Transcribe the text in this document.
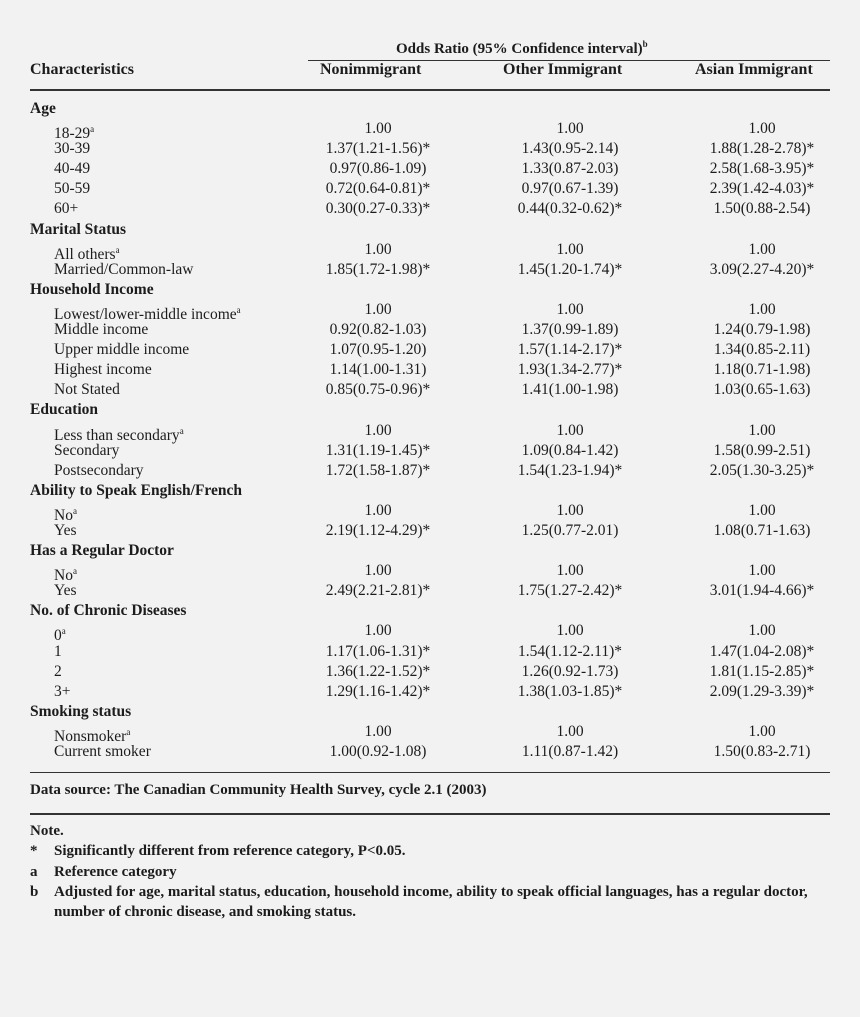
Odds Ratio (95% Confidence interval)$^b$
Characteristics	Nonimmigrant	Other Immigrant	Asian Immigrant
Age
18-29$^a$	1.00	1.00	1.00
30-39	1.37(1.21-1.56)*	1.43(0.95-2.14)	1.88(1.28-2.78)*
40-49	0.97(0.86-1.09)	1.33(0.87-2.03)	2.58(1.68-3.95)*
50-59	0.72(0.64-0.81)*	0.97(0.67-1.39)	2.39(1.42-4.03)*
60+	0.30(0.27-0.33)*	0.44(0.32-0.62)*	1.50(0.88-2.54)
Marital Status
All others$^a$	1.00	1.00	1.00
Married/Common-law	1.85(1.72-1.98)*	1.45(1.20-1.74)*	3.09(2.27-4.20)*
Household Income
Lowest/lower-middle income$^a$	1.00	1.00	1.00
Middle income	0.92(0.82-1.03)	1.37(0.99-1.89)	1.24(0.79-1.98)
Upper middle income	1.07(0.95-1.20)	1.57(1.14-2.17)*	1.34(0.85-2.11)
Highest income	1.14(1.00-1.31)	1.93(1.34-2.77)*	1.18(0.71-1.98)
Not Stated	0.85(0.75-0.96)*	1.41(1.00-1.98)	1.03(0.65-1.63)
Education
Less than secondary$^a$	1.00	1.00	1.00
Secondary	1.31(1.19-1.45)*	1.09(0.84-1.42)	1.58(0.99-2.51)
Postsecondary	1.72(1.58-1.87)*	1.54(1.23-1.94)*	2.05(1.30-3.25)*
Ability to Speak English/French
No$^a$	1.00	1.00	1.00
Yes	2.19(1.12-4.29)*	1.25(0.77-2.01)	1.08(0.71-1.63)
Has a Regular Doctor
No$^a$	1.00	1.00	1.00
Yes	2.49(2.21-2.81)*	1.75(1.27-2.42)*	3.01(1.94-4.66)*
No. of Chronic Diseases
0$^a$	1.00	1.00	1.00
1	1.17(1.06-1.31)*	1.54(1.12-2.11)*	1.47(1.04-2.08)*
2	1.36(1.22-1.52)*	1.26(0.92-1.73)	1.81(1.15-2.85)*
3+	1.29(1.16-1.42)*	1.38(1.03-1.85)*	2.09(1.29-3.39)*
Smoking status
Nonsmoker$^a$	1.00	1.00	1.00
Current smoker	1.00(0.92-1.08)	1.11(0.87-1.42)	1.50(0.83-2.71)
Data source: The Canadian Community Health Survey, cycle 2.1 (2003)
Note.
*	Significantly different from reference category, P<0.05.
a	Reference category
b	Adjusted for age, marital status, education, household income, ability to speak official languages, has a regular doctor, number of chronic disease, and smoking status.
